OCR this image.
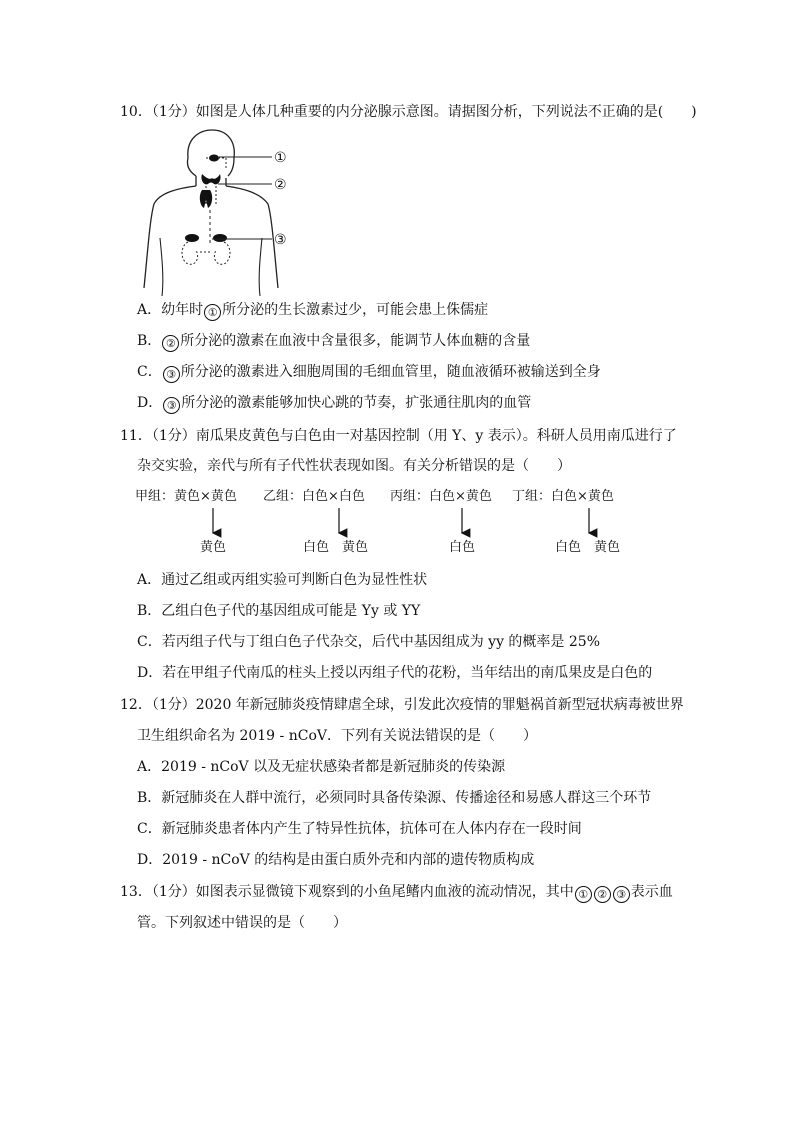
10．（1分）如图是人体几种重要的内分泌腺示意图。请据图分析，下列说法不正确的是(　　)
①
②
③
A．幼年时 ① 所分泌的生长激素过少，可能会患上侏儒症
B． ② 所分泌的激素在血液中含量很多，能调节人体血糖的含量
C． ③ 所分泌的激素进入细胞周围的毛细血管里，随血液循环被输送到全身
D． ③ 所分泌的激素能够加快心跳的节奏，扩张通往肌肉的血管
11．（1分）南瓜果皮黄色与白色由一对基因控制（用 Y、y 表示）。科研人员用南瓜进行了
杂交实验，亲代与所有子代性状表现如图。有关分析错误的是（　　）
甲组：黄色×黄色 乙组：白色×白色 丙组：白色×黄色 丁组：白色×黄色
黄色	白色　黄色	白色	白色　黄色
A．通过乙组或丙组实验可判断白色为显性性状
B．乙组白色子代的基因组成可能是 Yy 或 YY
C．若丙组子代与丁组白色子代杂交，后代中基因组成为 yy 的概率是 25%
D．若在甲组子代南瓜的柱头上授以丙组子代的花粉，当年结出的南瓜果皮是白色的
12．（1分）2020 年新冠肺炎疫情肆虐全球，引发此次疫情的罪魁祸首新型冠状病毒被世界
卫生组织命名为 2019 - nCoV．下列有关说法错误的是（　　）
A．2019 - nCoV 以及无症状感染者都是新冠肺炎的传染源
B．新冠肺炎在人群中流行，必须同时具备传染源、传播途径和易感人群这三个环节
C．新冠肺炎患者体内产生了特异性抗体，抗体可在人体内存在一段时间
D．2019 - nCoV 的结构是由蛋白质外壳和内部的遗传物质构成
13．（1分）如图表示显微镜下观察到的小鱼尾鳍内血液的流动情况，其中 ① ② ③ 表示血
管。下列叙述中错误的是（　　）
